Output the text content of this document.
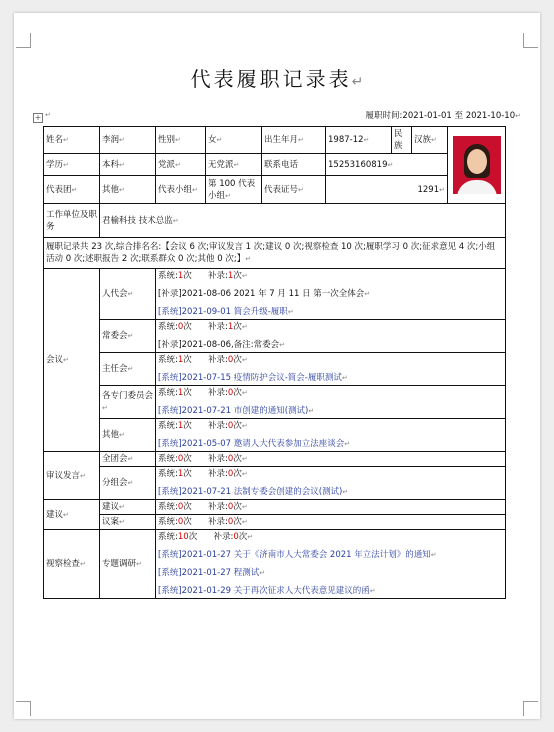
代表履职记录表↵
+ ↵	履职时间:2021-01-01 至 2021-10-10↵
姓名↵	李润↵	性别↵	女↵	出生年月↵	1987-12↵	民族	汉族↵	

学历↵	本科↵	党派↵	无党派↵	联系电话	15253160819↵			
代表团↵	其他↵	代表小组↵	第 100 代表小组↵	代表证号↵	1291↵			
工作单位及职务	君榆科技 技术总监↵							
履职记录共 23 次,综合排名名:【会议 6 次;审议发言 1 次;建议 0 次;视察检查 10 次;履职学习 0 次;征求意见 4 次;小组活动 0 次;述职报告 2 次;联系群众 0 次;其他 0 次;】↵								
会议↵	人代会↵	系统:1次 补录:1次↵
[补录]2021-08-06 2021 年 7 月 11 日 第一次全体会↵
[系统]2021-09-01 简会升级-履职↵						

	常委会↵	系统:0次 补录:1次↵
[补录]2021-08-06,备注:常委会↵						

	主任会↵	系统:1次 补录:0次↵
[系统]2021-07-15 疫情防护会议-简会-履职测试↵						

	各专门委员会↵	系统:1次 补录:0次↵
[系统]2021-07-21 市创建的通知(测试)↵						

	其他↵	系统:1次 补录:0次↵
[系统]2021-05-07 邀请人大代表参加立法座谈会↵						

审议发言↵	全团会↵	系统:0次 补录:0次↵						

	分组会↵	系统:1次 补录:0次↵
[系统]2021-07-21 法制专委会创建的会议(测试)↵						

建议↵	建议↵	系统:0次 补录:0次↵						

	议案↵	系统:0次 补录:0次↵						

视察检查↵	专题调研↵	系统:10次 补录:0次↵
[系统]2021-01-27 关于《济南市人大常委会 2021 年立法计划》的通知↵
[系统]2021-01-27 程测试↵
[系统]2021-01-29 关于再次征求人大代表意见建议的函↵						
